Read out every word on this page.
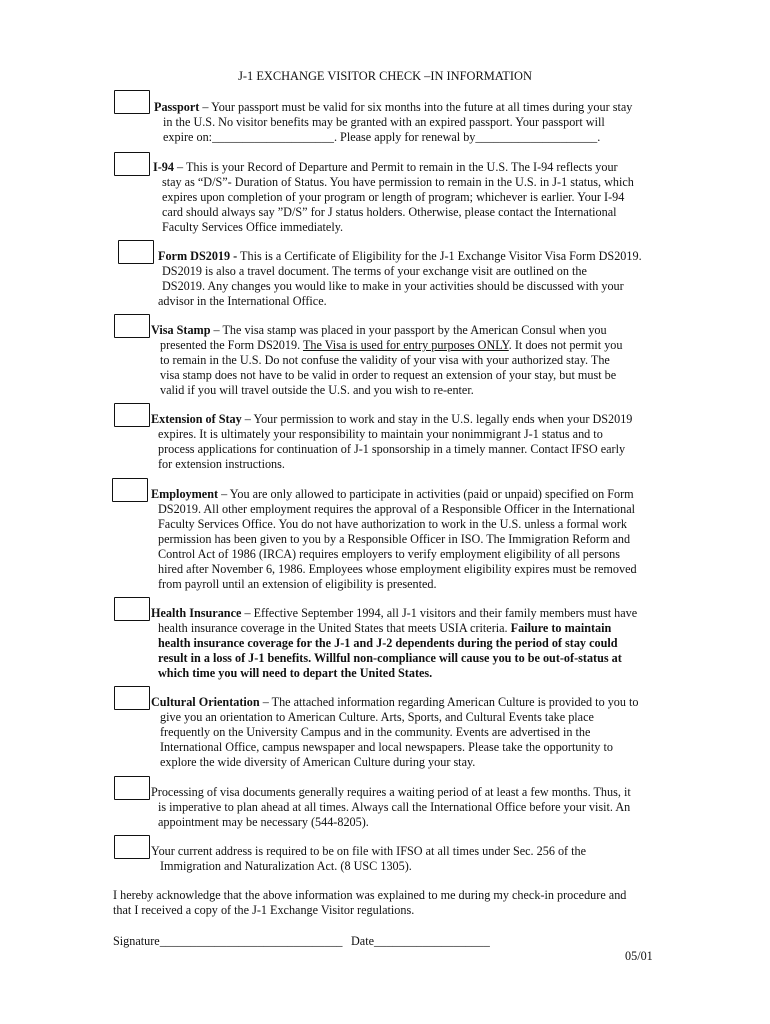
J-1 EXCHANGE VISITOR CHECK –IN INFORMATION
Passport – Your passport must be valid for six months into the future at all times during your stay
in the U.S. No visitor benefits may be granted with an expired passport. Your passport will
expire on:____________________. Please apply for renewal by____________________.
I-94 – This is your Record of Departure and Permit to remain in the U.S. The I-94 reflects your
stay as “D/S”- Duration of Status. You have permission to remain in the U.S. in J-1 status, which
expires upon completion of your program or length of program; whichever is earlier. Your I-94
card should always say ”D/S” for J status holders. Otherwise, please contact the International
Faculty Services Office immediately.
Form DS2019 - This is a Certificate of Eligibility for the J-1 Exchange Visitor Visa Form DS2019.
DS2019 is also a travel document. The terms of your exchange visit are outlined on the
DS2019. Any changes you would like to make in your activities should be discussed with your
advisor in the International Office.
Visa Stamp – The visa stamp was placed in your passport by the American Consul when you
presented the Form DS2019. The Visa is used for entry purposes ONLY. It does not permit you
to remain in the U.S. Do not confuse the validity of your visa with your authorized stay. The
visa stamp does not have to be valid in order to request an extension of your stay, but must be
valid if you will travel outside the U.S. and you wish to re-enter.
Extension of Stay – Your permission to work and stay in the U.S. legally ends when your DS2019
expires. It is ultimately your responsibility to maintain your nonimmigrant J-1 status and to
process applications for continuation of J-1 sponsorship in a timely manner. Contact IFSO early
for extension instructions.
Employment – You are only allowed to participate in activities (paid or unpaid) specified on Form
DS2019. All other employment requires the approval of a Responsible Officer in the International
Faculty Services Office. You do not have authorization to work in the U.S. unless a formal work
permission has been given to you by a Responsible Officer in ISO. The Immigration Reform and
Control Act of 1986 (IRCA) requires employers to verify employment eligibility of all persons
hired after November 6, 1986. Employees whose employment eligibility expires must be removed
from payroll until an extension of eligibility is presented.
Health Insurance – Effective September 1994, all J-1 visitors and their family members must have
health insurance coverage in the United States that meets USIA criteria. Failure to maintain
health insurance coverage for the J-1 and J-2 dependents during the period of stay could
result in a loss of J-1 benefits. Willful non-compliance will cause you to be out-of-status at
which time you will need to depart the United States.
Cultural Orientation – The attached information regarding American Culture is provided to you to
give you an orientation to American Culture. Arts, Sports, and Cultural Events take place
frequently on the University Campus and in the community. Events are advertised in the
International Office, campus newspaper and local newspapers. Please take the opportunity to
explore the wide diversity of American Culture during your stay.
Processing of visa documents generally requires a waiting period of at least a few months. Thus, it
is imperative to plan ahead at all times. Always call the International Office before your visit. An
appointment may be necessary (544-8205).
Your current address is required to be on file with IFSO at all times under Sec. 256 of the
Immigration and Naturalization Act. (8 USC 1305).
I hereby acknowledge that the above information was explained to me during my check-in procedure and
that I received a copy of the J-1 Exchange Visitor regulations.
Signature______________________________ Date___________________
05/01
